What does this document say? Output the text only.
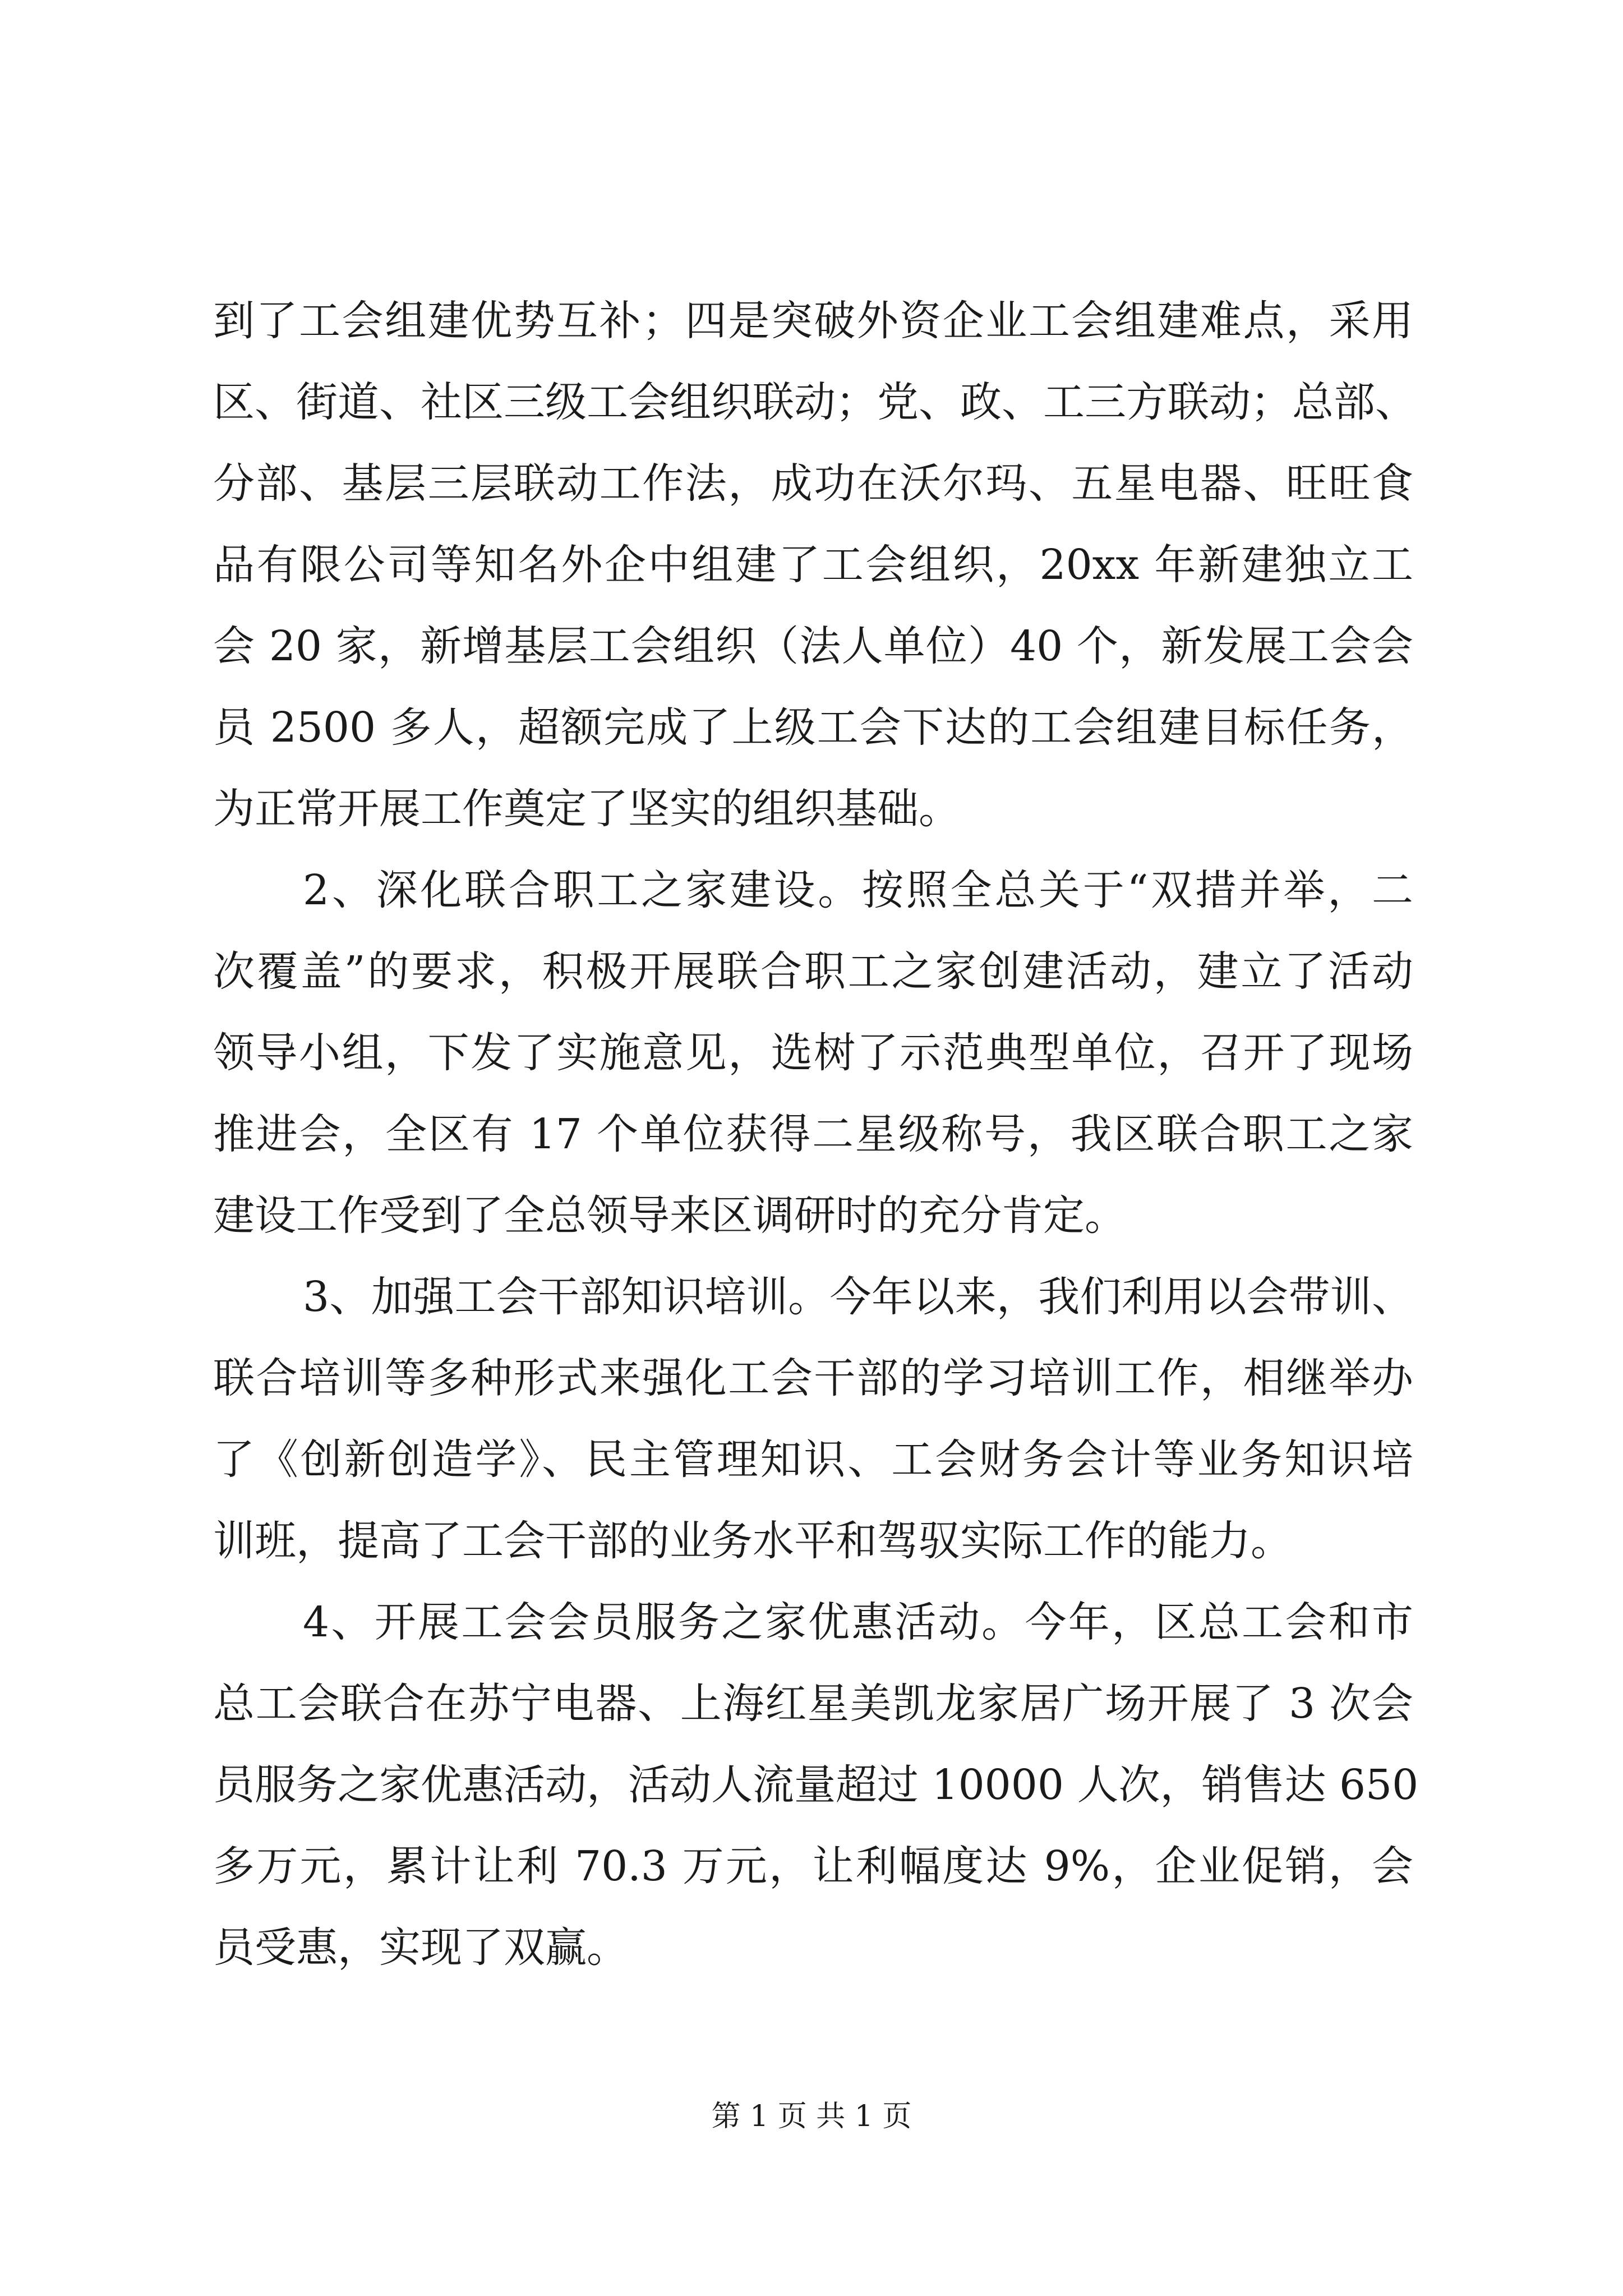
到了工会组建优势互补；四是突破外资企业工会组建难点，采用
区、街道、社区三级工会组织联动；党、政、工三方联动；总部、
分部、基层三层联动工作法，成功在沃尔玛、五星电器、旺旺食
品有限公司等知名外企中组建了工会组织，20xx 年新建独立工
会 20 家，新增基层工会组织（法人单位）40 个，新发展工会会
员 2500 多人，超额完成了上级工会下达的工会组建目标任务，
为正常开展工作奠定了坚实的组织基础。
2、深化联合职工之家建设。按照全总关于“双措并举，二
次覆盖”的要求，积极开展联合职工之家创建活动，建立了活动
领导小组，下发了实施意见，选树了示范典型单位，召开了现场
推进会，全区有 17 个单位获得二星级称号，我区联合职工之家
建设工作受到了全总领导来区调研时的充分肯定。
3、加强工会干部知识培训。今年以来，我们利用以会带训、
联合培训等多种形式来强化工会干部的学习培训工作，相继举办
了《创新创造学》、民主管理知识、工会财务会计等业务知识培
训班，提高了工会干部的业务水平和驾驭实际工作的能力。
4、开展工会会员服务之家优惠活动。今年，区总工会和市
总工会联合在苏宁电器、上海红星美凯龙家居广场开展了 3 次会
员服务之家优惠活动，活动人流量超过 10000 人次，销售达 650
多万元，累计让利 70.3 万元，让利幅度达 9%，企业促销，会
员受惠，实现了双赢。
第 1 页 共 1 页
